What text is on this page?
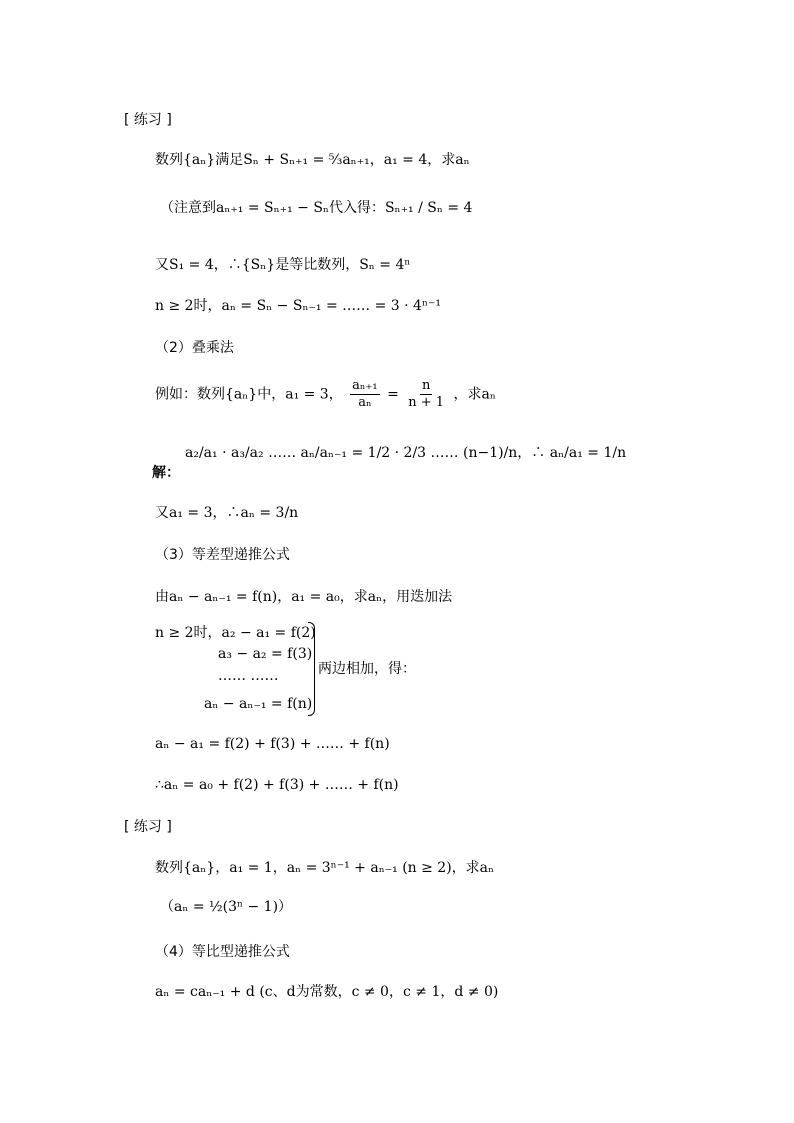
[ 练习 ]
数列{aₙ}满足Sₙ + Sₙ₊₁ = ⁵⁄₃aₙ₊₁，a₁ = 4，求aₙ
（注意到aₙ₊₁ = Sₙ₊₁ − Sₙ代入得：Sₙ₊₁ / Sₙ = 4
又S₁ = 4，∴{Sₙ}是等比数列，Sₙ = 4ⁿ
n ≥ 2时，aₙ = Sₙ − Sₙ₋₁ = …… = 3 · 4ⁿ⁻¹
（2）叠乘法
例如：数列{aₙ}中，a₁ = 3， $\frac{\text{aₙ₊₁}}{\text{aₙ}} = \frac{n}{n + 1}$ ，求aₙ
a₂/a₁ · a₃/a₂ …… aₙ/aₙ₋₁ = 1/2 · 2/3 …… (n−1)/n，∴ aₙ/a₁ = 1/n
解：
又a₁ = 3，∴aₙ = 3/n
（3）等差型递推公式
由aₙ − aₙ₋₁ = f(n)，a₁ = a₀，求aₙ，用迭加法
n ≥ 2时，a₂ − a₁ = f(2)
a₃ − a₂ = f(3)
…… ……
aₙ − aₙ₋₁ = f(n)
两边相加，得：
aₙ − a₁ = f(2) + f(3) + …… + f(n)
∴aₙ = a₀ + f(2) + f(3) + …… + f(n)
[ 练习 ]
数列{aₙ}，a₁ = 1，aₙ = 3ⁿ⁻¹ + aₙ₋₁ (n ≥ 2)，求aₙ
（aₙ = ½(3ⁿ − 1)）
（4）等比型递推公式
aₙ = caₙ₋₁ + d (c、d为常数，c ≠ 0，c ≠ 1，d ≠ 0)
